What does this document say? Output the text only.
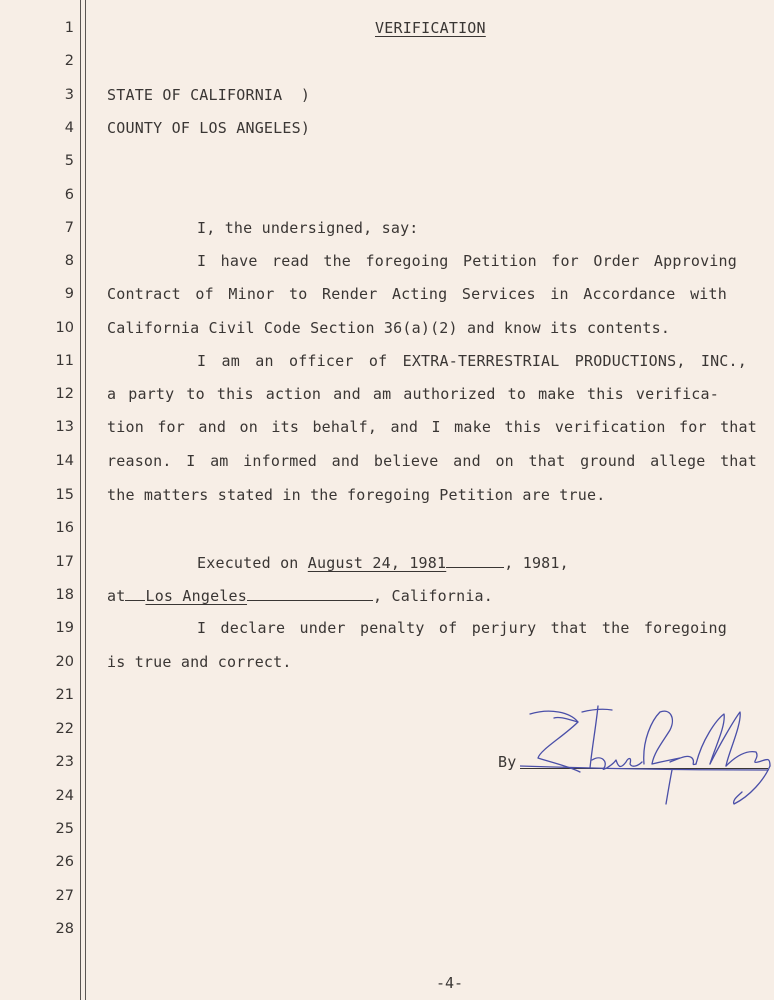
1
2
3
4
5
6
7
8
9
10
11
12
13
14
15
16
17
18
19
20
21
22
23
24
25
26
27
28
VERIFICATION
STATE OF CALIFORNIA  )
COUNTY OF LOS ANGELES)
I, the undersigned, say:
I have read the foregoing Petition for Order Approving
Contract of Minor to Render Acting Services in Accordance with
California Civil Code Section 36(a)(2) and know its contents.
I am an officer of EXTRA-TERRESTRIAL PRODUCTIONS, INC.,
a party to this action and am authorized to make this verifica-
tion for and on its behalf, and I make this verification for that
reason. I am informed and believe and on that ground allege that
the matters stated in the foregoing Petition are true.
Executed on August 24, 1981	, 1981,
at Los Angeles	, California.
I declare under penalty of perjury that the foregoing
is true and correct.
By
-4-
